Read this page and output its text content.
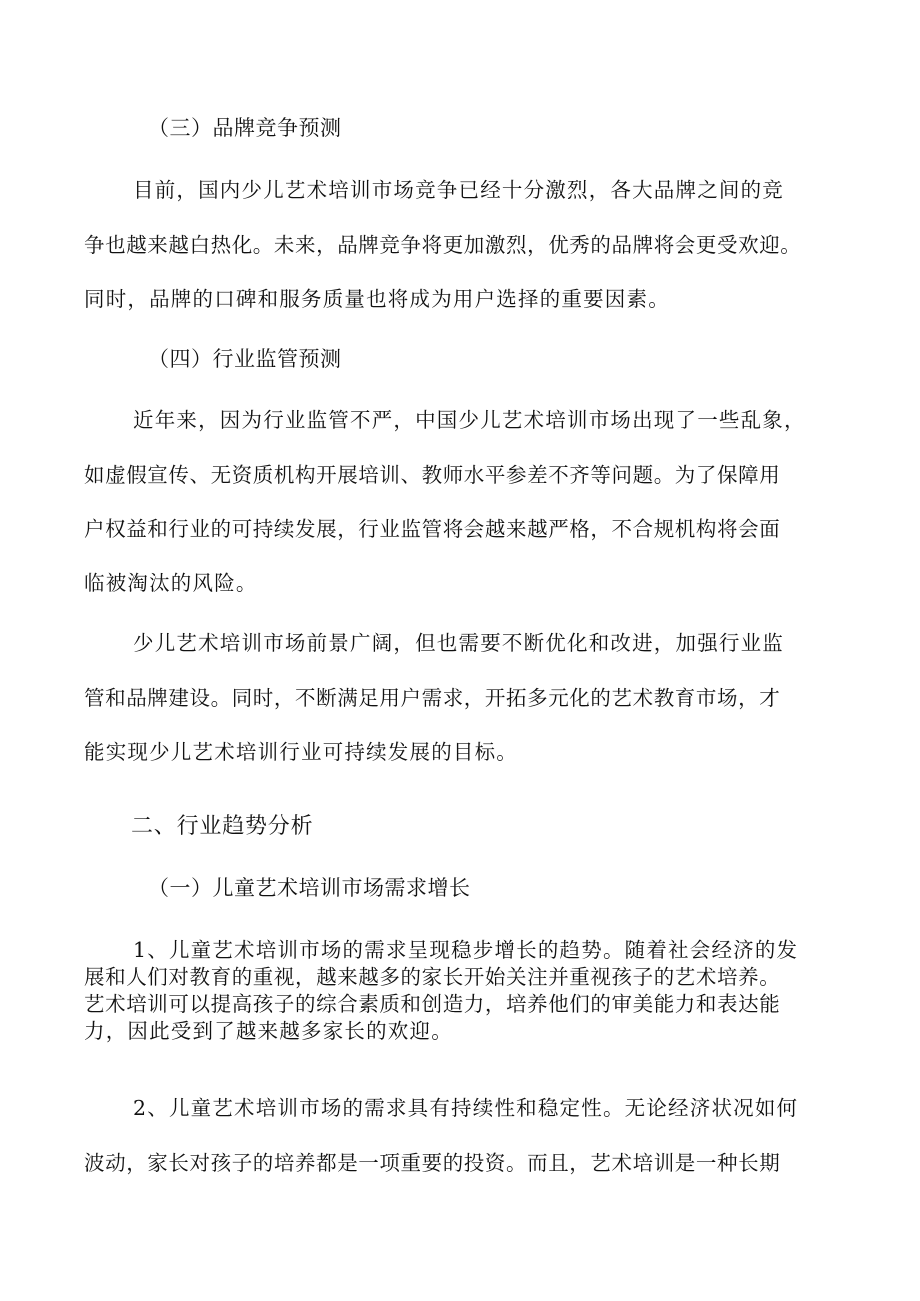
（三）品牌竞争预测
目前，国内少儿艺术培训市场竞争已经十分激烈，各大品牌之间的竞
争也越来越白热化。未来，品牌竞争将更加激烈，优秀的品牌将会更受欢迎。
同时，品牌的口碑和服务质量也将成为用户选择的重要因素。
（四）行业监管预测
近年来，因为行业监管不严，中国少儿艺术培训市场出现了一些乱象，
如虚假宣传、无资质机构开展培训、教师水平参差不齐等问题。为了保障用
户权益和行业的可持续发展，行业监管将会越来越严格，不合规机构将会面
临被淘汰的风险。
少儿艺术培训市场前景广阔，但也需要不断优化和改进，加强行业监
管和品牌建设。同时，不断满足用户需求，开拓多元化的艺术教育市场，才
能实现少儿艺术培训行业可持续发展的目标。
二、行业趋势分析
（一）儿童艺术培训市场需求增长
1、儿童艺术培训市场的需求呈现稳步增长的趋势。随着社会经济的发
展和人们对教育的重视，越来越多的家长开始关注并重视孩子的艺术培养。
艺术培训可以提高孩子的综合素质和创造力，培养他们的审美能力和表达能
力，因此受到了越来越多家长的欢迎。
2、儿童艺术培训市场的需求具有持续性和稳定性。无论经济状况如何
波动，家长对孩子的培养都是一项重要的投资。而且，艺术培训是一种长期
